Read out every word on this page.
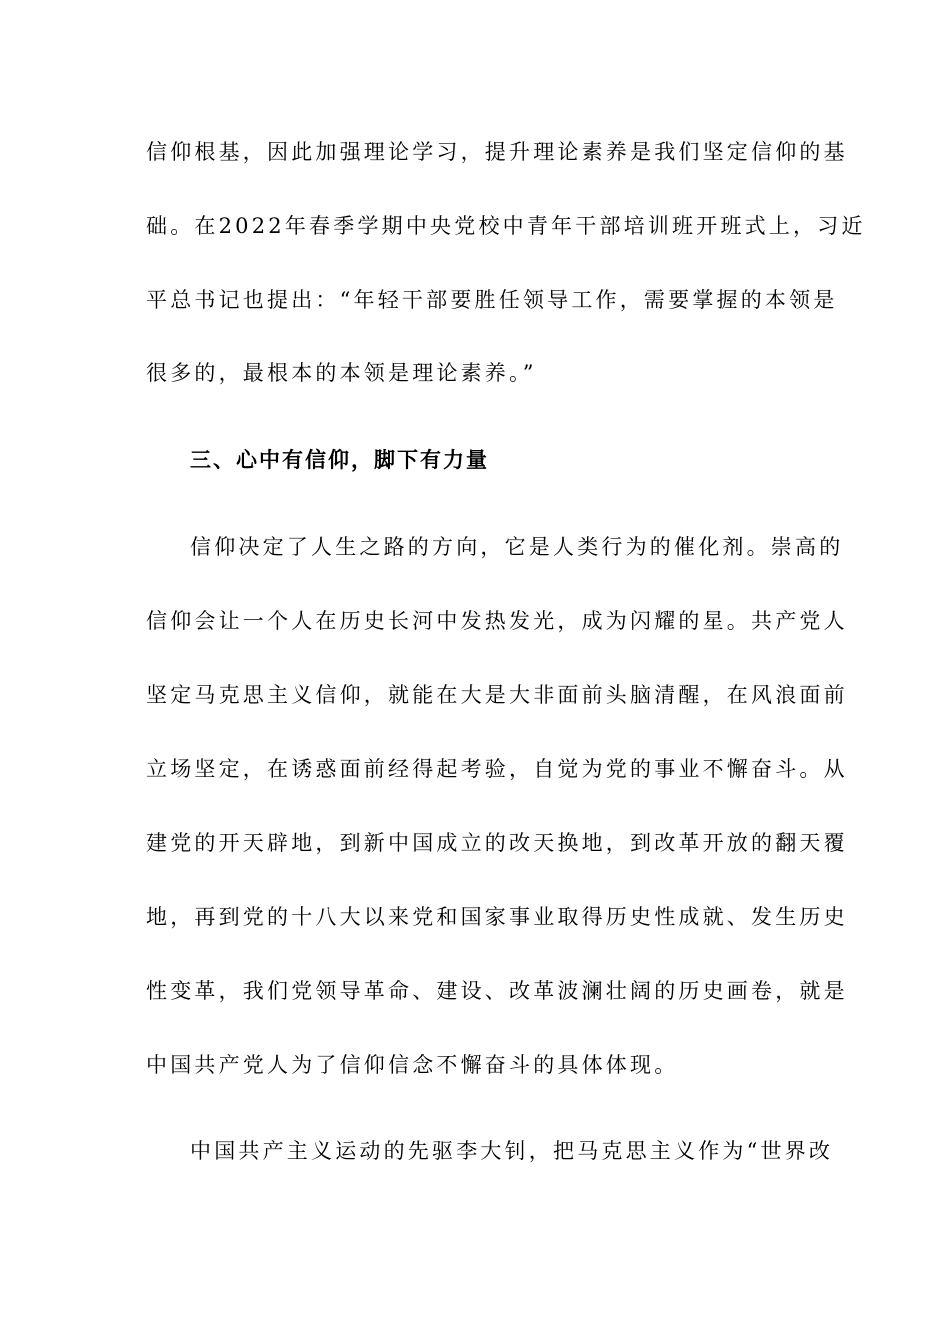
信仰根基，因此加强理论学习，提升理论素养是我们坚定信仰的基
础。在2022年春季学期中央党校中青年干部培训班开班式上，习近
平总书记也提出：“年轻干部要胜任领导工作，需要掌握的本领是
很多的，最根本的本领是理论素养。”
三、心中有信仰，脚下有力量
信仰决定了人生之路的方向，它是人类行为的催化剂。崇高的
信仰会让一个人在历史长河中发热发光，成为闪耀的星。共产党人
坚定马克思主义信仰，就能在大是大非面前头脑清醒，在风浪面前
立场坚定，在诱惑面前经得起考验，自觉为党的事业不懈奋斗。从
建党的开天辟地，到新中国成立的改天换地，到改革开放的翻天覆
地，再到党的十八大以来党和国家事业取得历史性成就、发生历史
性变革，我们党领导革命、建设、改革波澜壮阔的历史画卷，就是
中国共产党人为了信仰信念不懈奋斗的具体体现。
中国共产主义运动的先驱李大钊，把马克思主义作为“世界改
